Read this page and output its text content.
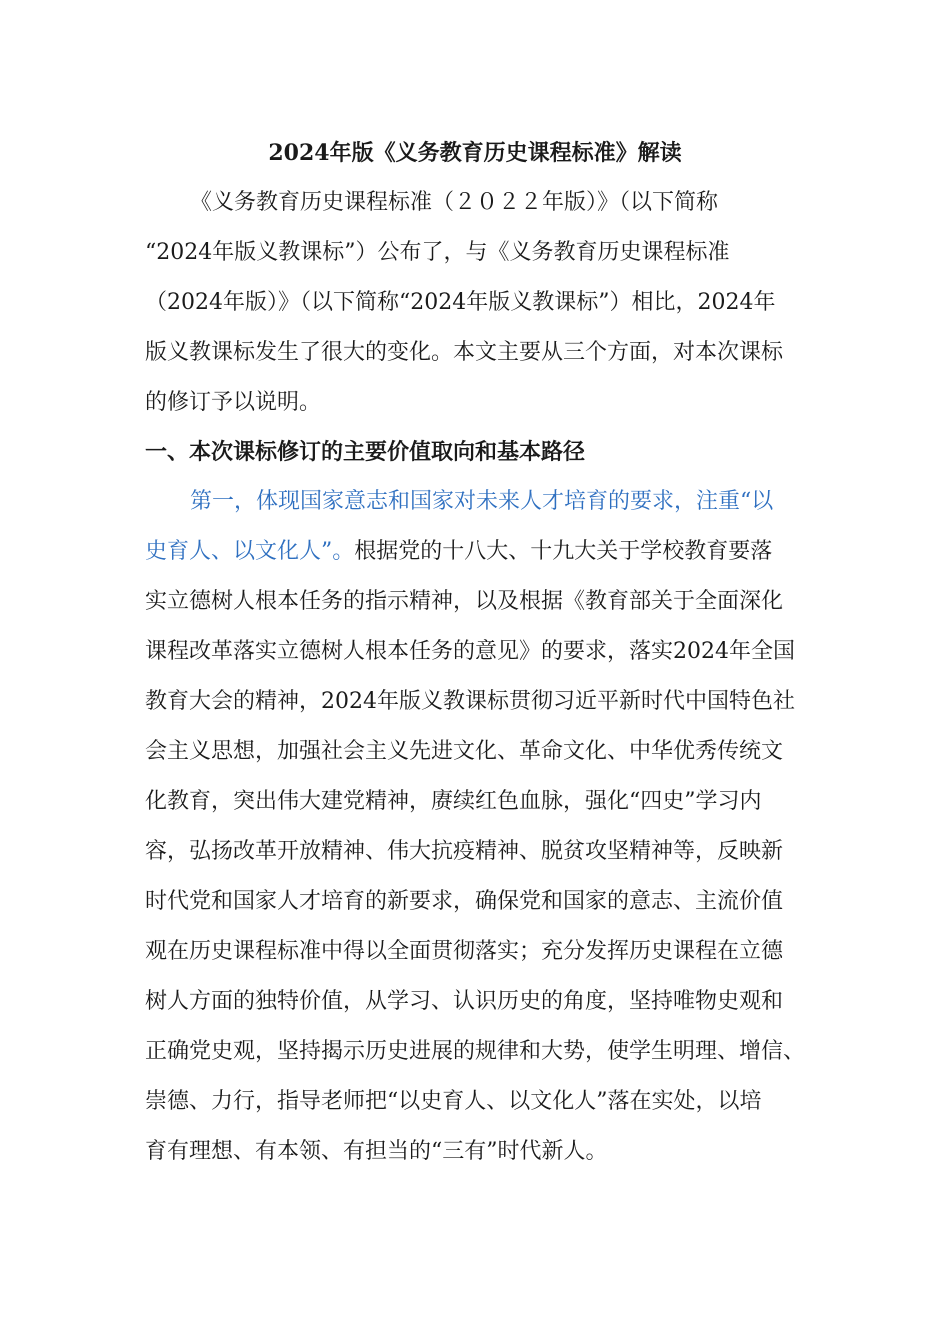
2024年版《义务教育历史课程标准》解读
《义务教育历史课程标准（２０２２年版）》（以下简称
“2024年版义教课标”）公布了，与《义务教育历史课程标准
（2024年版）》（以下简称“2024年版义教课标”）相比，2024年
版义教课标发生了很大的变化。本文主要从三个方面，对本次课标
的修订予以说明。
一、本次课标修订的主要价值取向和基本路径
第一，体现国家意志和国家对未来人才培育的要求，注重“以
史育人、以文化人”。根据党的十八大、十九大关于学校教育要落
实立德树人根本任务的指示精神，以及根据《教育部关于全面深化
课程改革落实立德树人根本任务的意见》的要求，落实2024年全国
教育大会的精神，2024年版义教课标贯彻习近平新时代中国特色社
会主义思想，加强社会主义先进文化、革命文化、中华优秀传统文
化教育，突出伟大建党精神，赓续红色血脉，强化“四史”学习内
容，弘扬改革开放精神、伟大抗疫精神、脱贫攻坚精神等，反映新
时代党和国家人才培育的新要求，确保党和国家的意志、主流价值
观在历史课程标准中得以全面贯彻落实；充分发挥历史课程在立德
树人方面的独特价值，从学习、认识历史的角度，坚持唯物史观和
正确党史观，坚持揭示历史进展的规律和大势，使学生明理、增信、
崇德、力行，指导老师把“以史育人、以文化人”落在实处，以培
育有理想、有本领、有担当的“三有”时代新人。
